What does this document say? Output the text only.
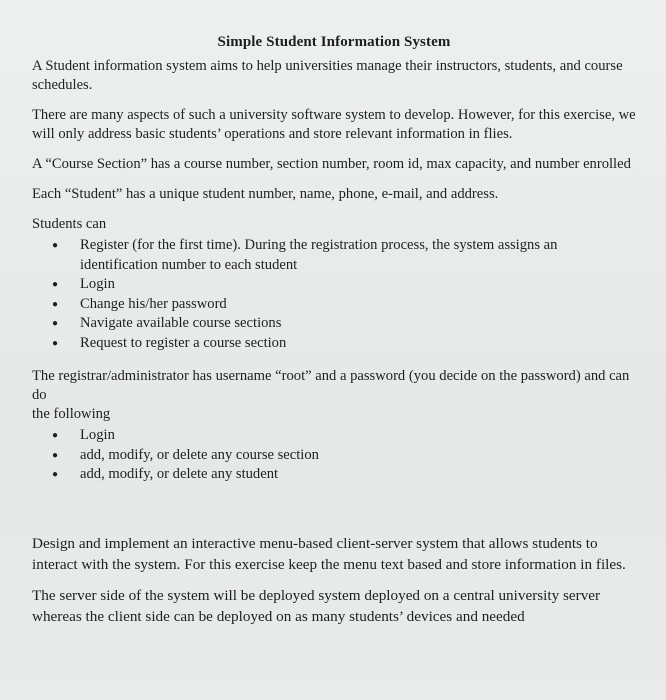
Simple Student Information System

A Student information system aims to help universities manage their instructors, students, and course schedules.

There are many aspects of such a university software system to develop. However, for this exercise, we will only address basic students’ operations and store relevant information in flies.

A “Course Section” has a course number, section number, room id, max capacity, and number enrolled

Each “Student” has a unique student number, name, phone, e-mail, and address.

Students can

● Register (for the first time). During the registration process, the system assigns an identification number to each student
● Login
● Change his/her password
● Navigate available course sections
● Request to register a course section

The registrar/administrator has username “root” and a password (you decide on the password) and can do
the following

● Login
● add, modify, or delete any course section
● add, modify, or delete any student

Design and implement an interactive menu-based client-server system that allows students to interact with the system. For this exercise keep the menu text based and store information in files.

The server side of the system will be deployed system deployed on a central university server whereas the client side can be deployed on as many students’ devices and needed
